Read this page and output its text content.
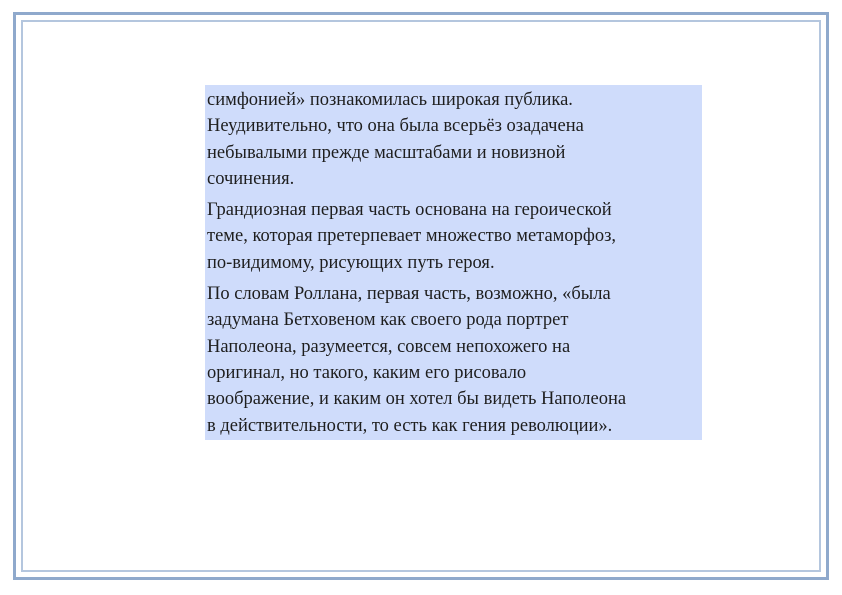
симфонией» познакомилась широкая публика.
Неудивительно, что она была всерьёз озадачена
небывалыми прежде масштабами и новизной
сочинения.

Грандиозная первая часть основана на героической
теме, которая претерпевает множество метаморфоз,
по-видимому, рисующих путь героя.

По словам Роллана, первая часть, возможно, «была
задумана Бетховеном как своего рода портрет
Наполеона, разумеется, совсем непохожего на
оригинал, но такого, каким его рисовало
воображение, и каким он хотел бы видеть Наполеона
в действительности, то есть как гения революции».
